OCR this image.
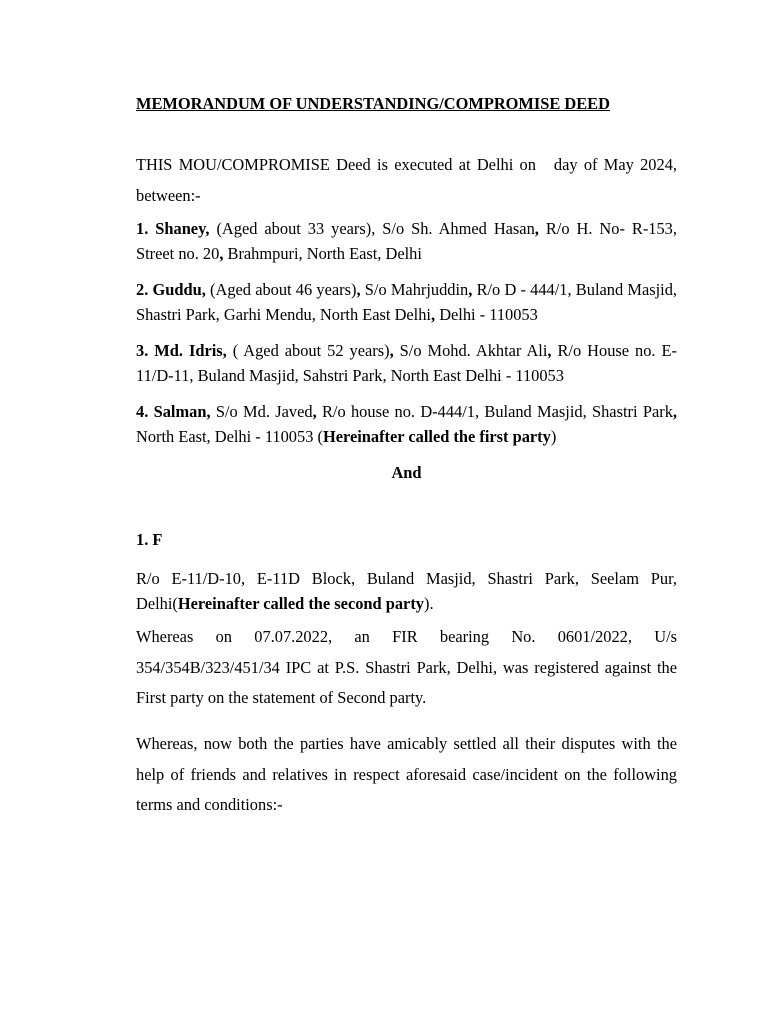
MEMORANDUM OF UNDERSTANDING/COMPROMISE DEED

THIS MOU/COMPROMISE Deed is executed at Delhi on day of May 2024, between:-

1. Shaney, (Aged about 33 years), S/o Sh. Ahmed Hasan, R/o H. No- R-153, Street no. 20, Brahmpuri, North East, Delhi

2. Guddu, (Aged about 46 years), S/o Mahrjuddin, R/o D - 444/1, Buland Masjid, Shastri Park, Garhi Mendu, North East Delhi, Delhi - 110053

3. Md. Idris, ( Aged about 52 years), S/o Mohd. Akhtar Ali, R/o House no. E-11/D-11, Buland Masjid, Sahstri Park, North East Delhi - 110053

4. Salman, S/o Md. Javed, R/o house no. D-444/1, Buland Masjid, Shastri Park, North East, Delhi - 110053 (Hereinafter called the first party)

And

1. F

R/o E-11/D-10, E-11D Block, Buland Masjid, Shastri Park, Seelam Pur, Delhi(Hereinafter called the second party).

Whereas on 07.07.2022, an FIR bearing No. 0601/2022, U/s 354/354B/323/451/34 IPC at P.S. Shastri Park, Delhi, was registered against the First party on the statement of Second party.

Whereas, now both the parties have amicably settled all their disputes with the help of friends and relatives in respect aforesaid case/incident on the following terms and conditions:-
